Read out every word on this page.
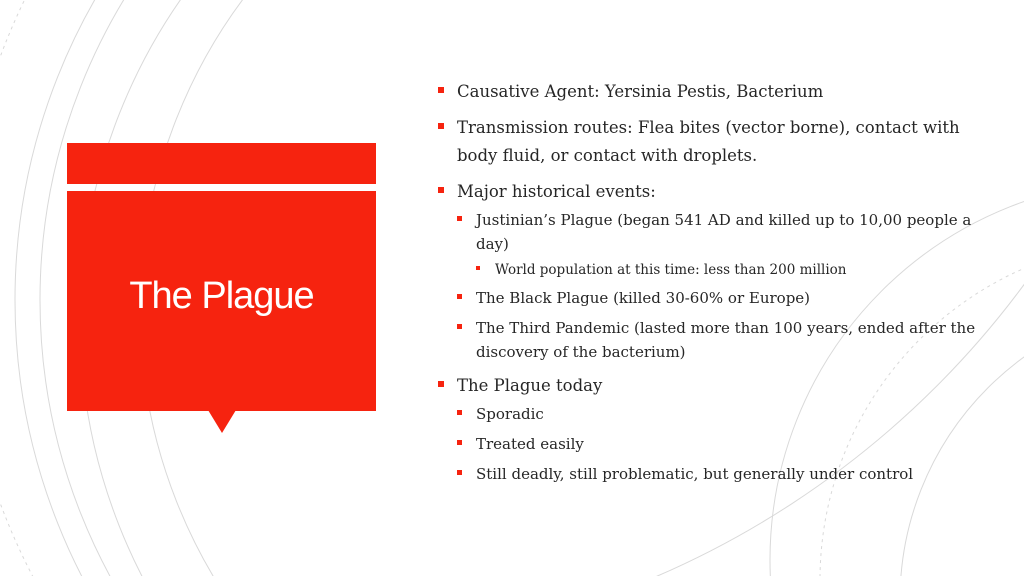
The Plague
Causative Agent: Yersinia Pestis, Bacterium
Transmission routes: Flea bites (vector borne), contact with body fluid, or contact with droplets.
Major historical events:
Justinian’s Plague (began 541 AD and killed up to 10,00 people a day)
World population at this time: less than 200 million
The Black Plague (killed 30-60% or Europe)
The Third Pandemic (lasted more than 100 years, ended after the discovery of the bacterium)
The Plague today
Sporadic
Treated easily
Still deadly, still problematic, but generally under control
